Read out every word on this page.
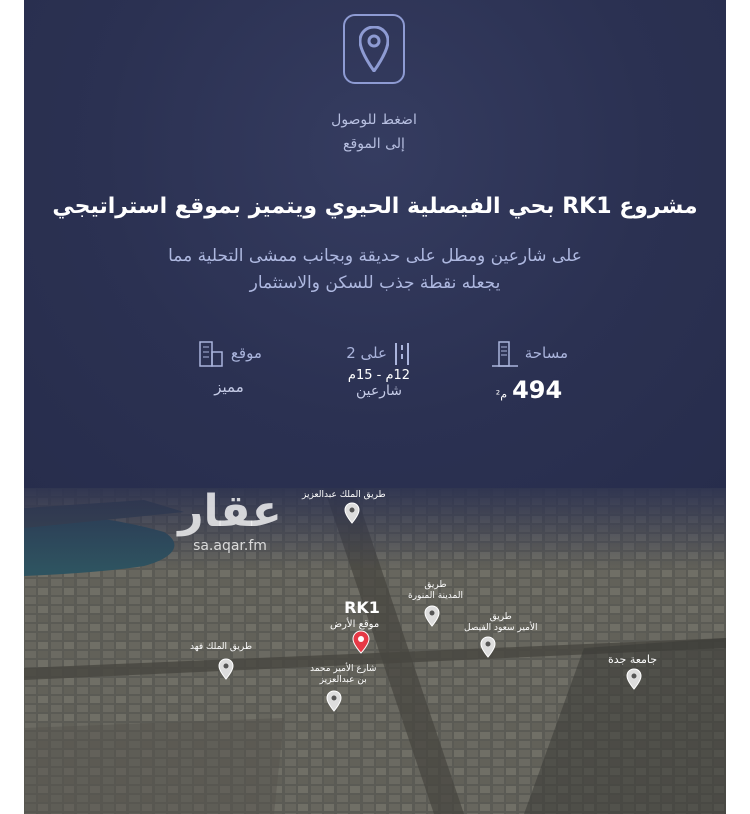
اضغط للوصول
إلى الموقع
مشروع RK1 بحي الفيصلية الحيوي ويتميز بموقع استراتيجي
على شارعين ومطل على حديقة وبجانب ممشى التحلية مما
يجعله نقطة جذب للسكن والاستثمار
مساحة
494 م²
على 2
12م - 15م
شارعين
موقع
مميز
عقار
sa.aqar.fm
طريق الملك عبدالعزيز
طريق
المدينة المنورة
طريق
الأمير سعود الفيصل
طريق الملك فهد
RK1
موقع الأرض
شارع الأمير محمد
بن عبدالعزيز
جامعة جدة
